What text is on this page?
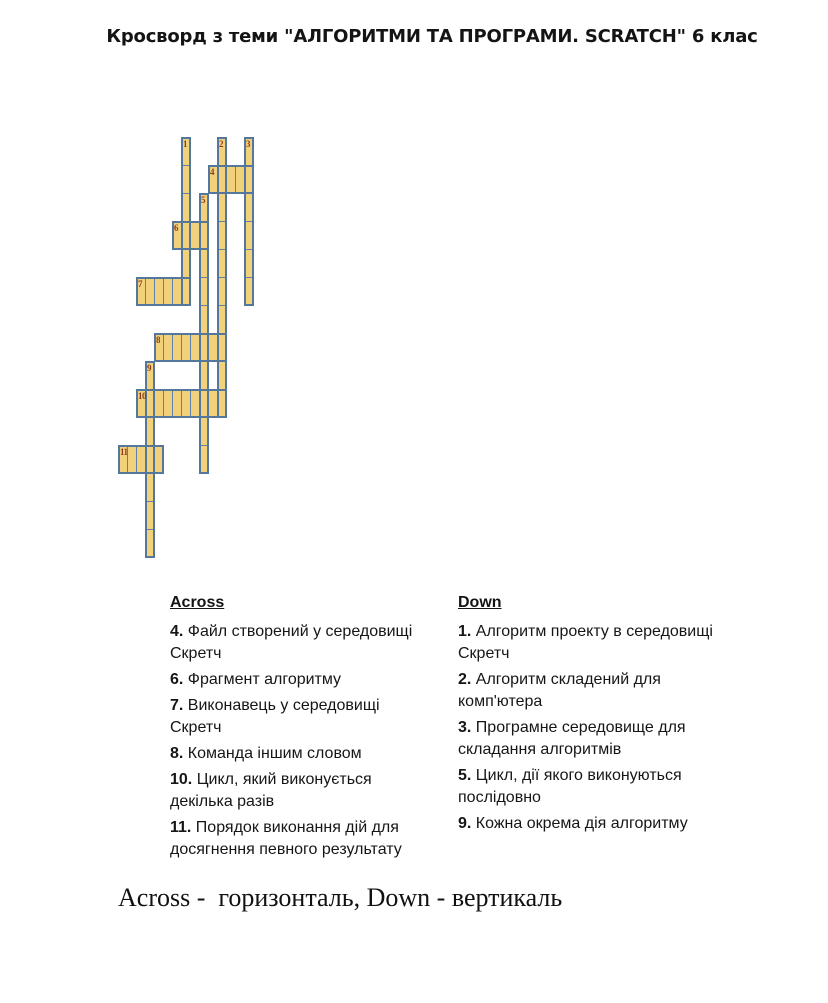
Кросворд з теми "АЛГОРИТМИ ТА ПРОГРАМИ. SCRATCH" 6 клас
1	2	3
4
5
6
7
8
9
10
11
Across
4. Файл створений у середовищі Скретч
6. Фрагмент алгоритму
7. Виконавець у середовищі Скретч
8. Команда іншим словом
10. Цикл, який виконується декілька разів
11. Порядок виконання дій для досягнення певного результату
Down
1. Алгоритм проекту в середовищі Скретч
2. Алгоритм складений для комп'ютера
3. Програмне середовище для складання алгоритмів
5. Цикл, дії якого виконуються послідовно
9. Кожна окрема дія алгоритму

Across -  горизонталь, Down - вертикаль
